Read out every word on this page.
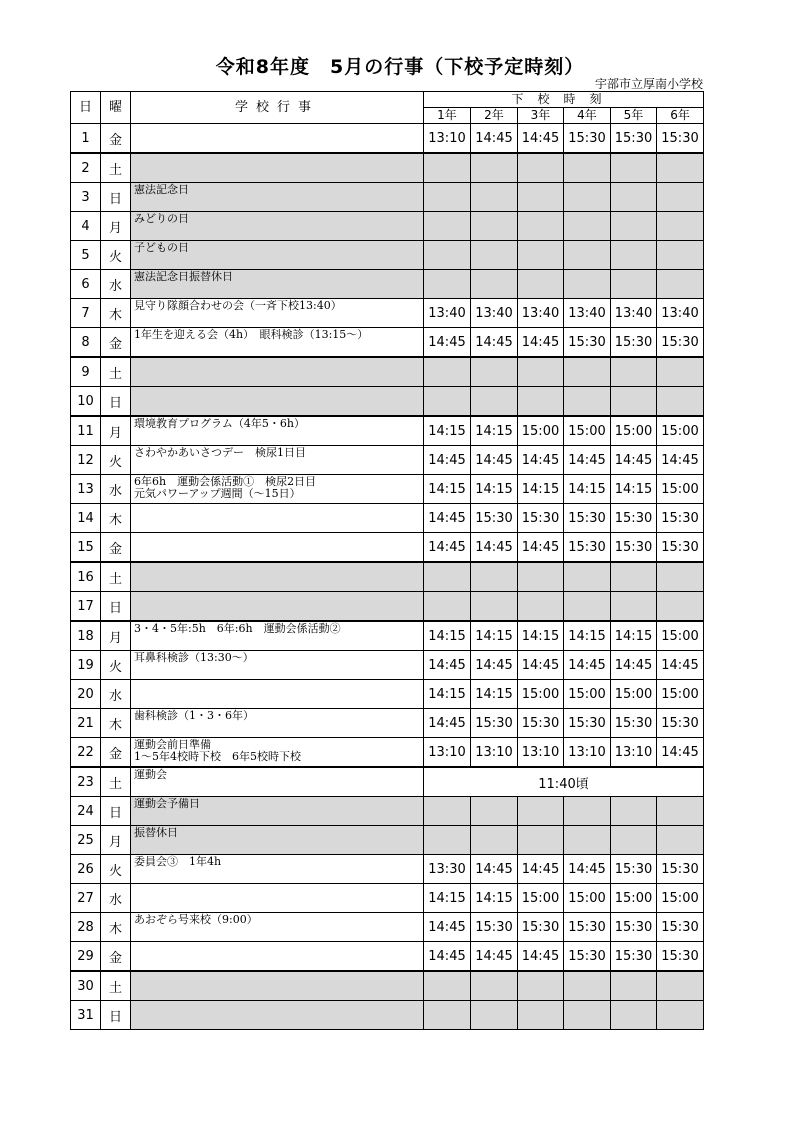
令和8年度　5月の行事（下校予定時刻）
宇部市立厚南小学校
日	曜	学校行事	下校時刻					
			1年	2年	3年	4年	5年	6年
1	金		13:10	14:45	14:45	15:30	15:30	15:30
2	土							
3	日	憲法記念日						
4	月	みどりの日						
5	火	子どもの日						
6	水	憲法記念日振替休日						
7	木	見守り隊顔合わせの会（一斉下校13:40）	13:40	13:40	13:40	13:40	13:40	13:40
8	金	1年生を迎える会（4h）　眼科検診（13:15～）	14:45	14:45	14:45	15:30	15:30	15:30
9	土							
10	日							
11	月	環境教育プログラム（4年5・6h）	14:15	14:15	15:00	15:00	15:00	15:00
12	火	さわやかあいさつデー　検尿1日目	14:45	14:45	14:45	14:45	14:45	14:45
13	水	6年6h　運動会係活動①　検尿2日目
元気パワーアップ週間（～15日）	14:15	14:15	14:15	14:15	14:15	15:00
14	木		14:45	15:30	15:30	15:30	15:30	15:30
15	金		14:45	14:45	14:45	15:30	15:30	15:30
16	土							
17	日							
18	月	3・4・5年:5h　6年:6h　運動会係活動②	14:15	14:15	14:15	14:15	14:15	15:00
19	火	耳鼻科検診（13:30～）	14:45	14:45	14:45	14:45	14:45	14:45
20	水		14:15	14:15	15:00	15:00	15:00	15:00
21	木	歯科検診（1・3・6年）	14:45	15:30	15:30	15:30	15:30	15:30
22	金	運動会前日準備
1～5年4校時下校　6年5校時下校	13:10	13:10	13:10	13:10	13:10	14:45
23	土	運動会	11:40頃					
24	日	運動会予備日						
25	月	振替休日						
26	火	委員会③　1年4h	13:30	14:45	14:45	14:45	15:30	15:30
27	水		14:15	14:15	15:00	15:00	15:00	15:00
28	木	あおぞら号来校（9:00）	14:45	15:30	15:30	15:30	15:30	15:30
29	金		14:45	14:45	14:45	15:30	15:30	15:30
30	土							
31	日							
